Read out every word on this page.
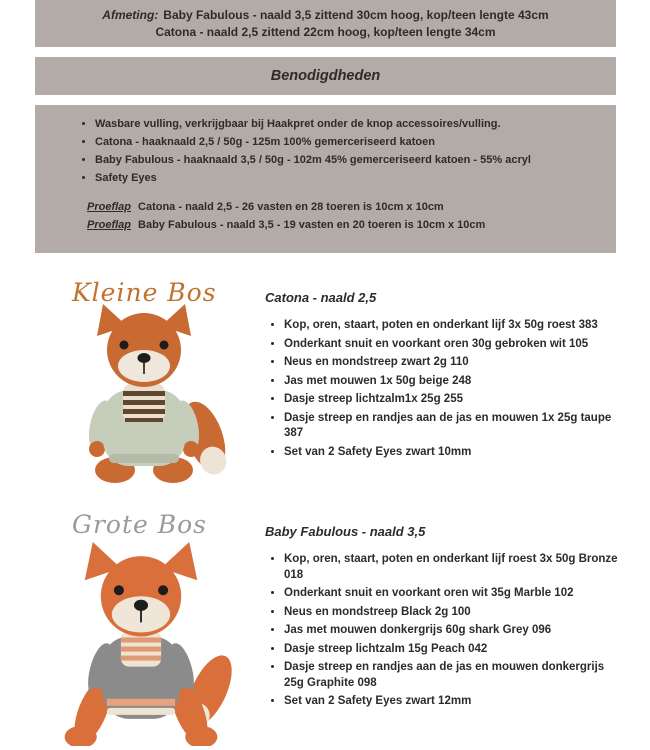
Afmeting: Baby Fabulous - naald 3,5 zittend 30cm hoog, kop/teen lengte 43cm
Catona - naald 2,5 zittend 22cm hoog, kop/teen lengte 34cm
Benodigdheden
• Wasbare vulling, verkrijgbaar bij Haakpret onder de knop accessoires/vulling.
• Catona - haaknaald 2,5 / 50g - 125m 100% gemerceriseerd katoen
• Baby Fabulous - haaknaald 3,5 / 50g - 102m 45% gemerceriseerd katoen - 55% acryl
• Safety Eyes
Proeflap Catona - naald 2,5 - 26 vasten en 28 toeren is 10cm x 10cm
Proeflap Baby Fabulous - naald 3,5 - 19 vasten en 20 toeren is 10cm x 10cm
Kleine Bos	Catona - naald 2,5
• Kop, oren, staart, poten en onderkant lijf 3x 50g roest 383
• Onderkant snuit en voorkant oren 30g gebroken wit 105
• Neus en mondstreep zwart 2g 110
• Jas met mouwen 1x 50g beige 248
• Dasje streep lichtzalm1x 25g 255
• Dasje streep en randjes aan de jas en mouwen 1x 25g taupe 387
• Set van 2 Safety Eyes zwart 10mm
Grote Bos	Baby Fabulous - naald 3,5
• Kop, oren, staart, poten en onderkant lijf roest 3x 50g Bronze 018
• Onderkant snuit en voorkant oren wit 35g Marble 102
• Neus en mondstreep Black 2g 100
• Jas met mouwen donkergrijs 60g shark Grey 096
• Dasje streep lichtzalm 15g Peach 042
• Dasje streep en randjes aan de jas en mouwen donkergrijs 25g Graphite 098
• Set van 2 Safety Eyes zwart 12mm
